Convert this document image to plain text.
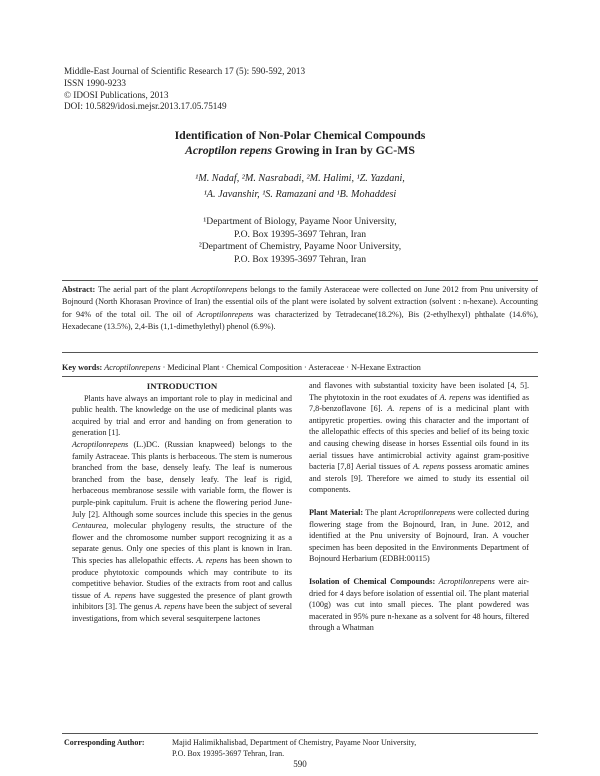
Middle-East Journal of Scientific Research 17 (5): 590-592, 2013
ISSN 1990-9233
© IDOSI Publications, 2013
DOI: 10.5829/idosi.mejsr.2013.17.05.75149
Identification of Non-Polar Chemical Compounds
Acroptilon repens Growing in Iran by GC-MS
¹M. Nadaf, ²M. Nasrabadi, ²M. Halimi, ¹Z. Yazdani,
¹A. Javanshir, ¹S. Ramazani and ¹B. Mohaddesi
¹Department of Biology, Payame Noor University,
P.O. Box 19395-3697 Tehran, Iran
²Department of Chemistry, Payame Noor University,
P.O. Box 19395-3697 Tehran, Iran
Abstract: The aerial part of the plant Acroptilonrepens belongs to the family Asteraceae were collected on June 2012 from Pnu university of Bojnourd (North Khorasan Province of Iran) the essential oils of the plant were isolated by solvent extraction (solvent : n-hexane). Accounting for 94% of the total oil. The oil of Acroptilonrepens was characterized by Tetradecane(18.2%), Bis (2-ethylhexyl) phthalate (14.6%), Hexadecane (13.5%), 2,4-Bis (1,1-dimethylethyl) phenol (6.9%).
Key words: Acroptilonrepens · Medicinal Plant · Chemical Composition · Asteraceae · N-Hexane Extraction

INTRODUCTION

Plants have always an important role to play in medicinal and public health. The knowledge on the use of medicinal plants was acquired by trial and error and handing on from generation to generation [1].

Acroptilonrepens (L.)DC. (Russian knapweed) belongs to the family Astraceae. This plants is herbaceous. The stem is numerous branched from the base, densely leafy. The leaf is numerous branched from the base, densely leafy. The leaf is rigid, herbaceous membranose sessile with variable form, the flower is purple-pink capitulum. Fruit is achene the flowering period June-July [2]. Although some sources include this species in the genus Centaurea, molecular phylogeny results, the structure of the flower and the chromosome number support recognizing it as a separate genus. Only one species of this plant is known in Iran. This species has allelopathic effects. A. repens has been shown to produce phytotoxic compounds which may contribute to its competitive behavior. Studies of the extracts from root and callus tissue of A. repens have suggested the presence of plant growth inhibitors [3]. The genus A. repens have been the subject of several investigations, from which several sesquiterpene lactones

and flavones with substantial toxicity have been isolated [4, 5]. The phytotoxin in the root exudates of A. repens was identified as 7,8-benzoflavone [6]. A. repens of is a medicinal plant with antipyretic properties. owing this character and the important of the allelopathic effects of this species and belief of its being toxic and causing chewing disease in horses Essential oils found in its aerial tissues have antimicrobial activity against gram-positive bacteria [7,8] Aerial tissues of A. repens possess aromatic amines and sterols [9]. Therefore we aimed to study its essential oil components.

Plant Material: The plant Acroptilonrepens were collected during flowering stage from the Bojnourd, Iran, in June. 2012, and identified at the Pnu university of Bojnourd, Iran. A voucher specimen has been deposited in the Environments Department of Bojnourd Herbarium (EDBH:00115)

Isolation of Chemical Compounds: Acroptilonrepens were air-dried for 4 days before isolation of essential oil. The plant material (100g) was cut into small pieces. The plant powdered was macerated in 95% pure n-hexane as a solvent for 48 hours, filtered through a Whatman

Corresponding Author:	Majid Halimikhalisbad, Department of Chemistry, Payame Noor University,
P.O. Box 19395-3697 Tehran, Iran.
590
